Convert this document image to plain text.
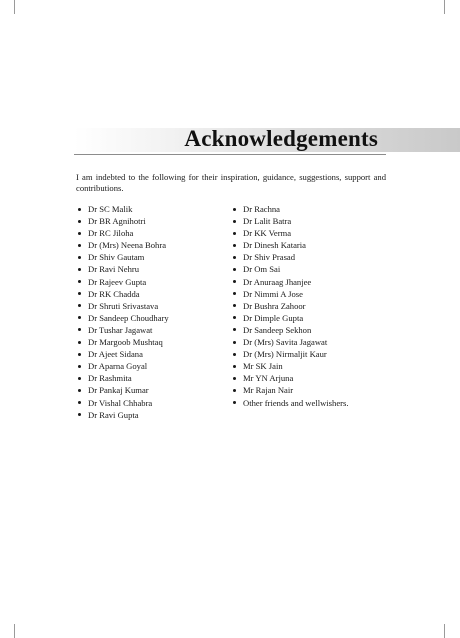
Acknowledgements

I am indebted to the following for their inspiration, guidance, suggestions, support and contributions.

Dr SC Malik
Dr BR Agnihotri
Dr RC Jiloha
Dr (Mrs) Neena Bohra
Dr Shiv Gautam
Dr Ravi Nehru
Dr Rajeev Gupta
Dr RK Chadda
Dr Shruti Srivastava
Dr Sandeep Choudhary
Dr Tushar Jagawat
Dr Margoob Mushtaq
Dr Ajeet Sidana
Dr Aparna Goyal
Dr Rashmita
Dr Pankaj Kumar
Dr Vishal Chhabra
Dr Ravi Gupta
Dr Rachna
Dr Lalit Batra
Dr KK Verma
Dr Dinesh Kataria
Dr Shiv Prasad
Dr Om Sai
Dr Anuraag Jhanjee
Dr Nimmi A Jose
Dr Bushra Zahoor
Dr Dimple Gupta
Dr Sandeep Sekhon
Dr (Mrs) Savita Jagawat
Dr (Mrs) Nirmaljit Kaur
Mr SK Jain
Mr YN Arjuna
Mr Rajan Nair
Other friends and wellwishers.
